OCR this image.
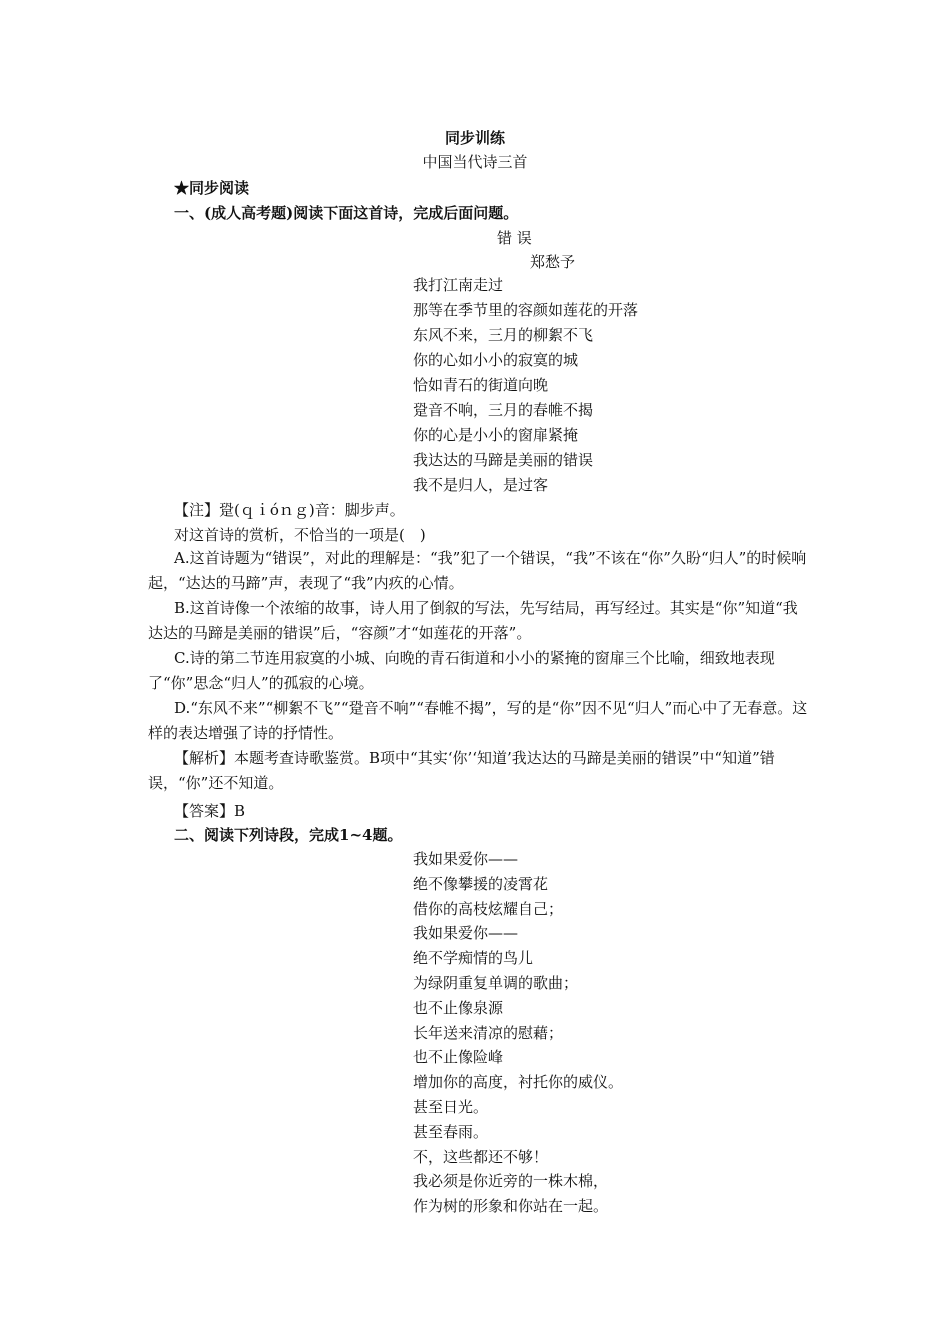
同步训练
中国当代诗三首
★同步阅读
一、(成人高考题)阅读下面这首诗，完成后面问题。
错 误
郑愁予
我打江南走过
那等在季节里的容颜如莲花的开落
东风不来，三月的柳絮不飞
你的心如小小的寂寞的城
恰如青石的街道向晚
跫音不响，三月的春帷不揭
你的心是小小的窗扉紧掩
我达达的马蹄是美丽的错误
我不是归人，是过客
【注】跫(ｑｉóｎｇ)音：脚步声。
对这首诗的赏析，不恰当的一项是(　)
A.这首诗题为“错误”，对此的理解是：“我”犯了一个错误，“我”不该在“你”久盼“归人”的时候响起，“达达的马蹄”声，表现了“我”内疚的心情。
B.这首诗像一个浓缩的故事，诗人用了倒叙的写法，先写结局，再写经过。其实是“你”知道“我达达的马蹄是美丽的错误”后，“容颜”才“如莲花的开落”。
C.诗的第二节连用寂寞的小城、向晚的青石街道和小小的紧掩的窗扉三个比喻，细致地表现了“你”思念“归人”的孤寂的心境。
D.“东风不来”“柳絮不飞”“跫音不响”“春帷不揭”，写的是“你”因不见“归人”而心中了无春意。这样的表达增强了诗的抒情性。
【解析】本题考查诗歌鉴赏。B项中“其实‘你’‘知道’我达达的马蹄是美丽的错误”中“知道”错误，“你”还不知道。
【答案】B
二、阅读下列诗段，完成1~4题。
我如果爱你——
绝不像攀援的凌霄花
借你的高枝炫耀自己；
我如果爱你——
绝不学痴情的鸟儿
为绿阴重复单调的歌曲；
也不止像泉源
长年送来清凉的慰藉；
也不止像险峰
增加你的高度，衬托你的威仪。
甚至日光。
甚至春雨。
不，这些都还不够！
我必须是你近旁的一株木棉，
作为树的形象和你站在一起。
